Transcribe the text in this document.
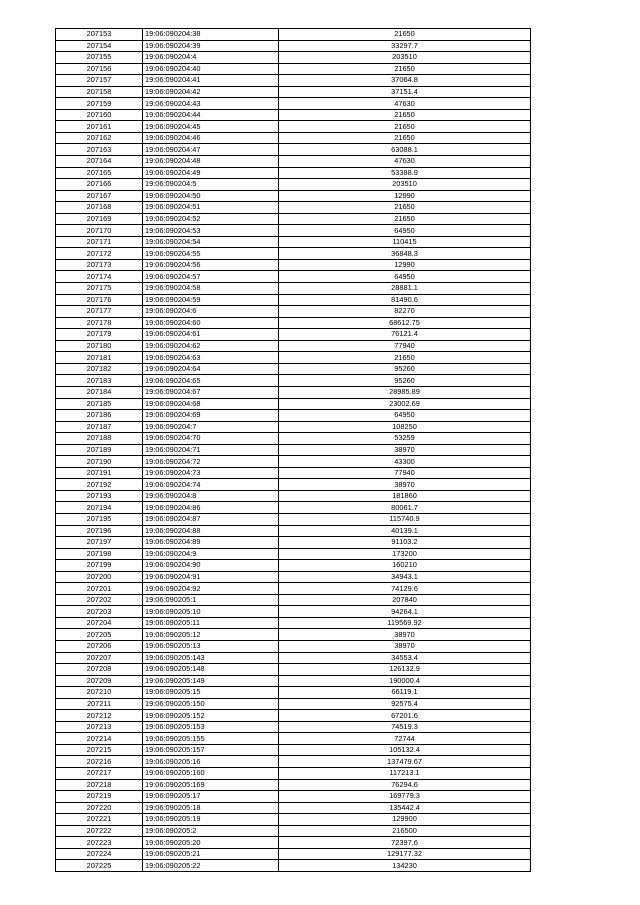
207153	19:06:090204:38	21650
207154	19:06:090204:39	33297.7
207155	19:06:090204:4	203510
207156	19:06:090204:40	21650
207157	19:06:090204:41	37064.8
207158	19:06:090204:42	37151.4
207159	19:06:090204:43	47630
207160	19:06:090204:44	21650
207161	19:06:090204:45	21650
207162	19:06:090204:46	21650
207163	19:06:090204:47	63088.1
207164	19:06:090204:48	47630
207165	19:06:090204:49	53388.9
207166	19:06:090204:5	203510
207167	19:06:090204:50	12990
207168	19:06:090204:51	21650
207169	19:06:090204:52	21650
207170	19:06:090204:53	64950
207171	19:06:090204:54	110415
207172	19:06:090204:55	36848.3
207173	19:06:090204:56	12990
207174	19:06:090204:57	64950
207175	19:06:090204:58	28881.1
207176	19:06:090204:59	81490.6
207177	19:06:090204:6	82270
207178	19:06:090204:60	68612.75
207179	19:06:090204:61	76121.4
207180	19:06:090204:62	77940
207181	19:06:090204:63	21650
207182	19:06:090204:64	95260
207183	19:06:090204:65	95260
207184	19:06:090204:67	28985.89
207185	19:06:090204:68	23002.69
207186	19:06:090204:69	64950
207187	19:06:090204:7	108250
207188	19:06:090204:70	53259
207189	19:06:090204:71	38970
207190	19:06:090204:72	43300
207191	19:06:090204:73	77940
207192	19:06:090204:74	38970
207193	19:06:090204:8	181860
207194	19:06:090204:86	80061.7
207195	19:06:090204:87	115740.9
207196	19:06:090204:88	40139.1
207197	19:06:090204:89	91103.2
207198	19:06:090204:9	173200
207199	19:06:090204:90	160210
207200	19:06:090204:91	34943.1
207201	19:06:090204:92	74129.6
207202	19:06:090205:1	207840
207203	19:06:090205:10	94264.1
207204	19:06:090205:11	119569.92
207205	19:06:090205:12	38970
207206	19:06:090205:13	38970
207207	19:06:090205:143	34553.4
207208	19:06:090205:148	126132.9
207209	19:06:090205:149	190000.4
207210	19:06:090205:15	66119.1
207211	19:06:090205:150	92575.4
207212	19:06:090205:152	67201.6
207213	19:06:090205:153	74519.3
207214	19:06:090205:155	72744
207215	19:06:090205:157	105132.4
207216	19:06:090205:16	137479.67
207217	19:06:090205:160	117213.1
207218	19:06:090205:169	76294.6
207219	19:06:090205:17	169779.3
207220	19:06:090205:18	135442.4
207221	19:06:090205:19	129900
207222	19:06:090205:2	216500
207223	19:06:090205:20	72397.6
207224	19:06:090205:21	129177.32
207225	19:06:090205:22	134230
